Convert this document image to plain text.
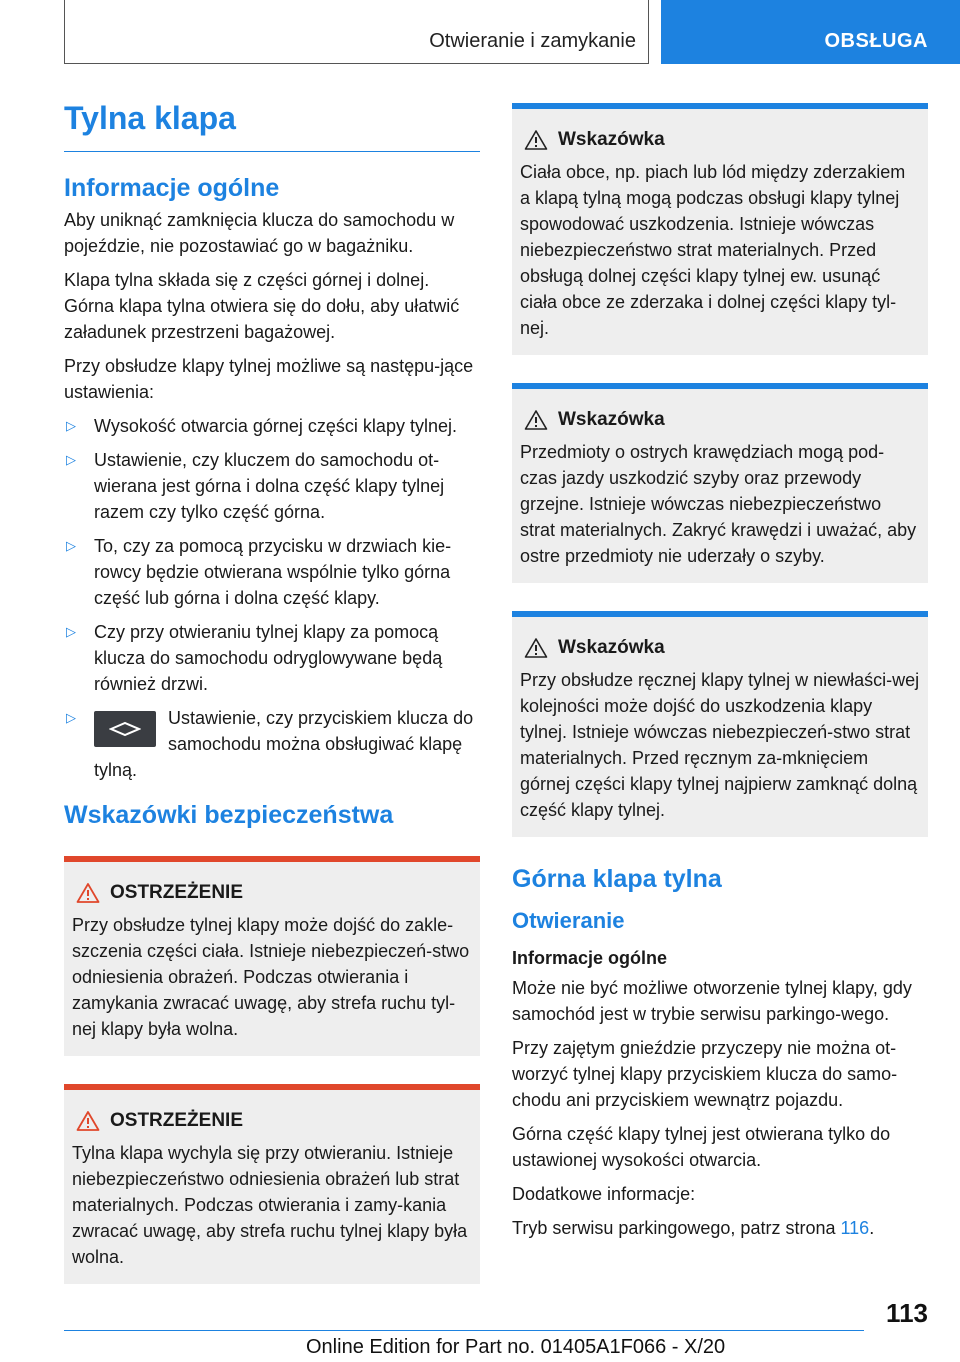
Otwieranie i zamykanie	OBSŁUGA
Tylna klapa
Informacje ogólne

Aby uniknąć zamknięcia klucza do samochodu w pojeździe, nie pozostawiać go w bagażniku.

Klapa tylna składa się z części górnej i dolnej. Górna klapa tylna otwiera się do dołu, aby ułatwić załadunek przestrzeni bagażowej.

Przy obsłudze klapy tylnej możliwe są następu‐jące ustawienia:

▷ Wysokość otwarcia górnej części klapy tylnej.
▷ Ustawienie, czy kluczem do samochodu ot‐wierana jest górna i dolna część klapy tylnej razem czy tylko część górna.
▷ To, czy za pomocą przycisku w drzwiach kie‐rowcy będzie otwierana wspólnie tylko górna część lub górna i dolna część klapy.
▷ Czy przy otwieraniu tylnej klapy za pomocą klucza do samochodu odryglowywane będą również drzwi.
▷	Ustawienie, czy przyciskiem klucza do samochodu można obsługiwać klapę tylną.
Wskazówki bezpieczeństwa
OSTRZEŻENIE

Przy obsłudze tylnej klapy może dojść do zakle‐szczenia części ciała. Istnieje niebezpieczeń‐stwo odniesienia obrażeń. Podczas otwierania i zamykania zwracać uwagę, aby strefa ruchu tyl‐nej klapy była wolna.

OSTRZEŻENIE

Tylna klapa wychyla się przy otwieraniu. Istnieje niebezpieczeństwo odniesienia obrażeń lub strat materialnych. Podczas otwierania i zamy‐kania zwracać uwagę, aby strefa ruchu tylnej klapy była wolna.

Wskazówka

Ciała obce, np. piach lub lód między zderzakiem a klapą tylną mogą podczas obsługi klapy tylnej spowodować uszkodzenia. Istnieje wówczas niebezpieczeństwo strat materialnych. Przed obsługą dolnej części klapy tylnej ew. usunąć ciała obce ze zderzaka i dolnej części klapy tyl‐nej.

Wskazówka

Przedmioty o ostrych krawędziach mogą pod‐czas jazdy uszkodzić szyby oraz przewody grzejne. Istnieje wówczas niebezpieczeństwo strat materialnych. Zakryć krawędzi i uważać, aby ostre przedmioty nie uderzały o szyby.

Wskazówka

Przy obsłudze ręcznej klapy tylnej w niewłaści‐wej kolejności może dojść do uszkodzenia klapy tylnej. Istnieje wówczas niebezpieczeń‐stwo strat materialnych. Przed ręcznym za‐mknięciem górnej części klapy tylnej najpierw zamknąć dolną część klapy tylnej.

Górna klapa tylna
Otwieranie
Informacje ogólne

Może nie być możliwe otworzenie tylnej klapy, gdy samochód jest w trybie serwisu parkingo‐wego.

Przy zajętym gnieździe przyczepy nie można ot‐worzyć tylnej klapy przyciskiem klucza do samo‐chodu ani przyciskiem wewnątrz pojazdu.

Górna część klapy tylnej jest otwierana tylko do ustawionej wysokości otwarcia.

Dodatkowe informacje:

Tryb serwisu parkingowego, patrz strona 116.

113
Online Edition for Part no. 01405A1F066 - X/20
